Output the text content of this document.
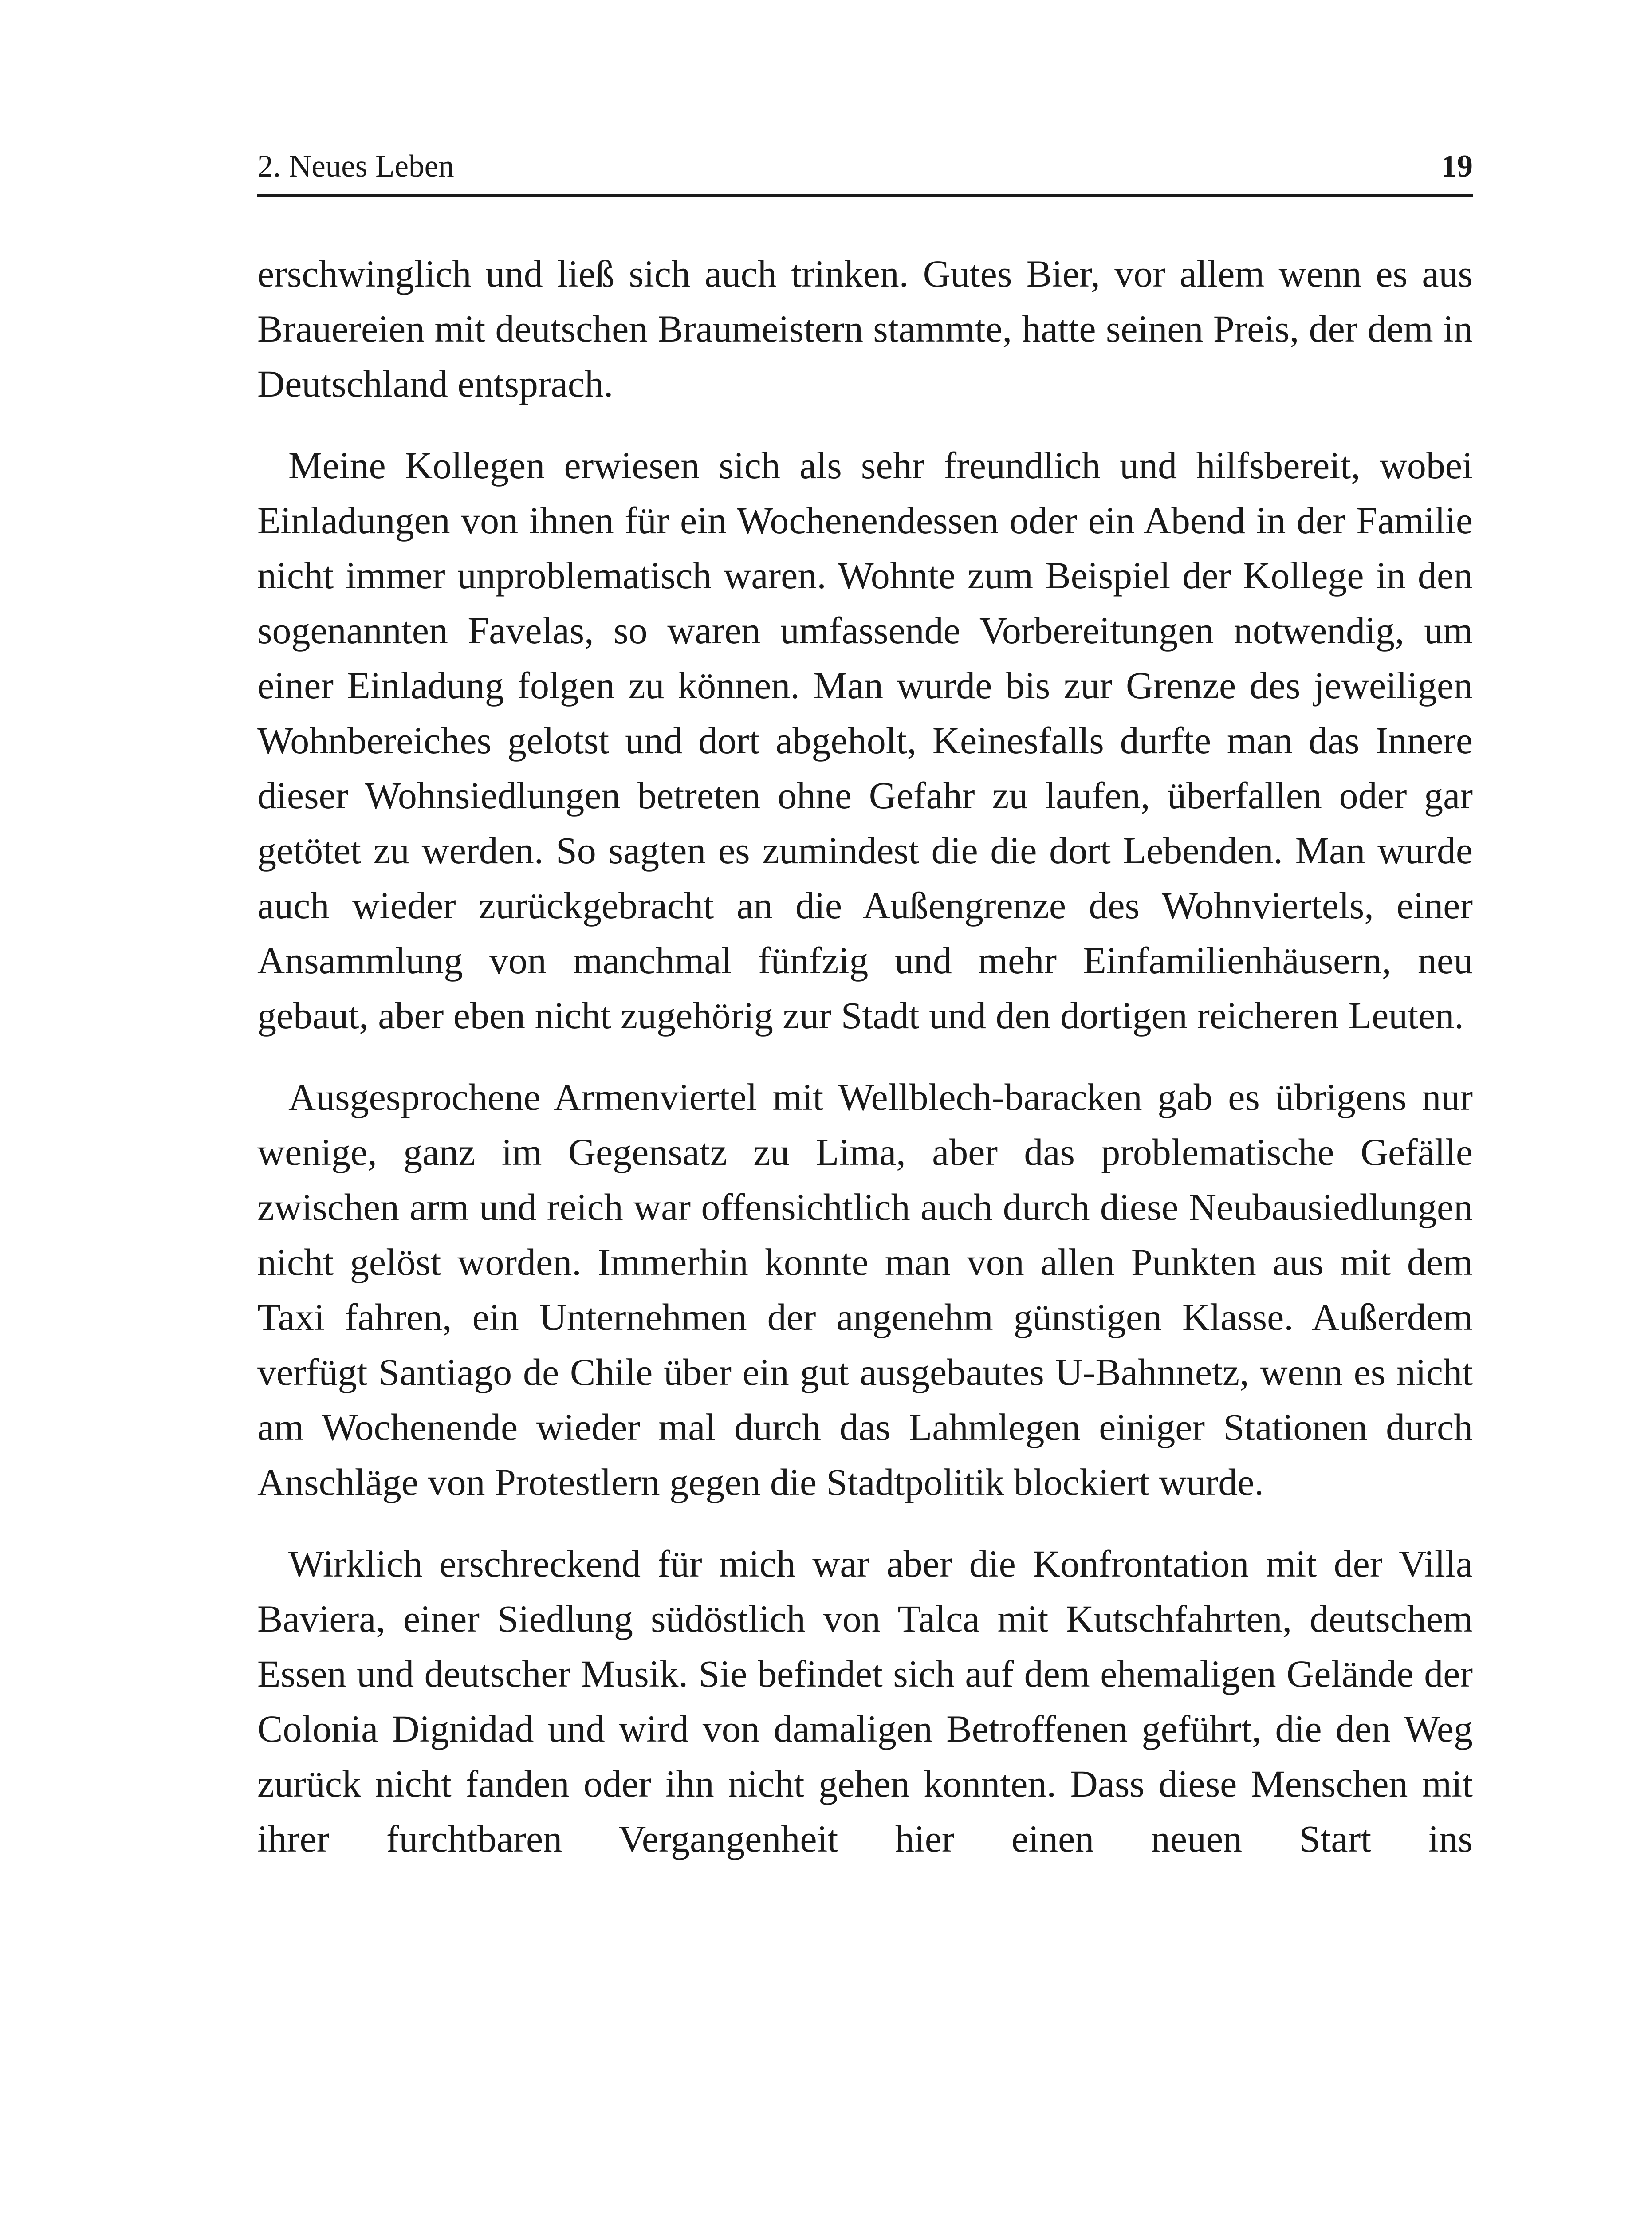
2. Neues Leben	19

erschwinglich und ließ sich auch trinken. Gutes Bier, vor allem wenn es aus Brauereien mit deutschen Braumeistern stammte, hatte seinen Preis, der dem in Deutschland entsprach.

Meine Kollegen erwiesen sich als sehr freundlich und hilfsbereit, wobei Einladungen von ihnen für ein Wochenendessen oder ein Abend in der Familie nicht immer unproblematisch waren. Wohnte zum Beispiel der Kollege in den sogenannten Favelas, so waren umfassende Vorbereitungen notwendig, um einer Einladung folgen zu können. Man wurde bis zur Grenze des jeweiligen Wohnbereiches gelotst und dort abgeholt, Keinesfalls durfte man das Innere dieser Wohnsiedlungen betreten ohne Gefahr zu laufen, überfallen oder gar getötet zu werden. So sagten es zumindest die die dort Lebenden. Man wurde auch wieder zurückgebracht an die Außengrenze des Wohnviertels, einer Ansammlung von manchmal fünfzig und mehr Einfamilienhäusern, neu gebaut, aber eben nicht zugehörig zur Stadt und den dortigen reicheren Leuten.

Ausgesprochene Armenviertel mit Wellblech-baracken gab es übrigens nur wenige, ganz im Gegensatz zu Lima, aber das problematische Gefälle zwischen arm und reich war offensichtlich auch durch diese Neubausiedlungen nicht gelöst worden. Immerhin konnte man von allen Punkten aus mit dem Taxi fahren, ein Unternehmen der angenehm günstigen Klasse. Außerdem verfügt Santiago de Chile über ein gut ausgebautes U-Bahnnetz, wenn es nicht am Wochenende wieder mal durch das Lahmlegen einiger Stationen durch Anschläge von Protestlern gegen die Stadtpolitik blockiert wurde.

Wirklich erschreckend für mich war aber die Konfrontation mit der Villa Baviera, einer Siedlung südöstlich von Talca mit Kutschfahrten, deutschem Essen und deutscher Musik. Sie befindet sich auf dem ehemaligen Gelände der Colonia Dignidad und wird von damaligen Betroffenen geführt, die den Weg zurück nicht fanden oder ihn nicht gehen konnten. Dass diese Menschen mit ihrer furchtbaren Vergangenheit hier einen neuen Start ins
